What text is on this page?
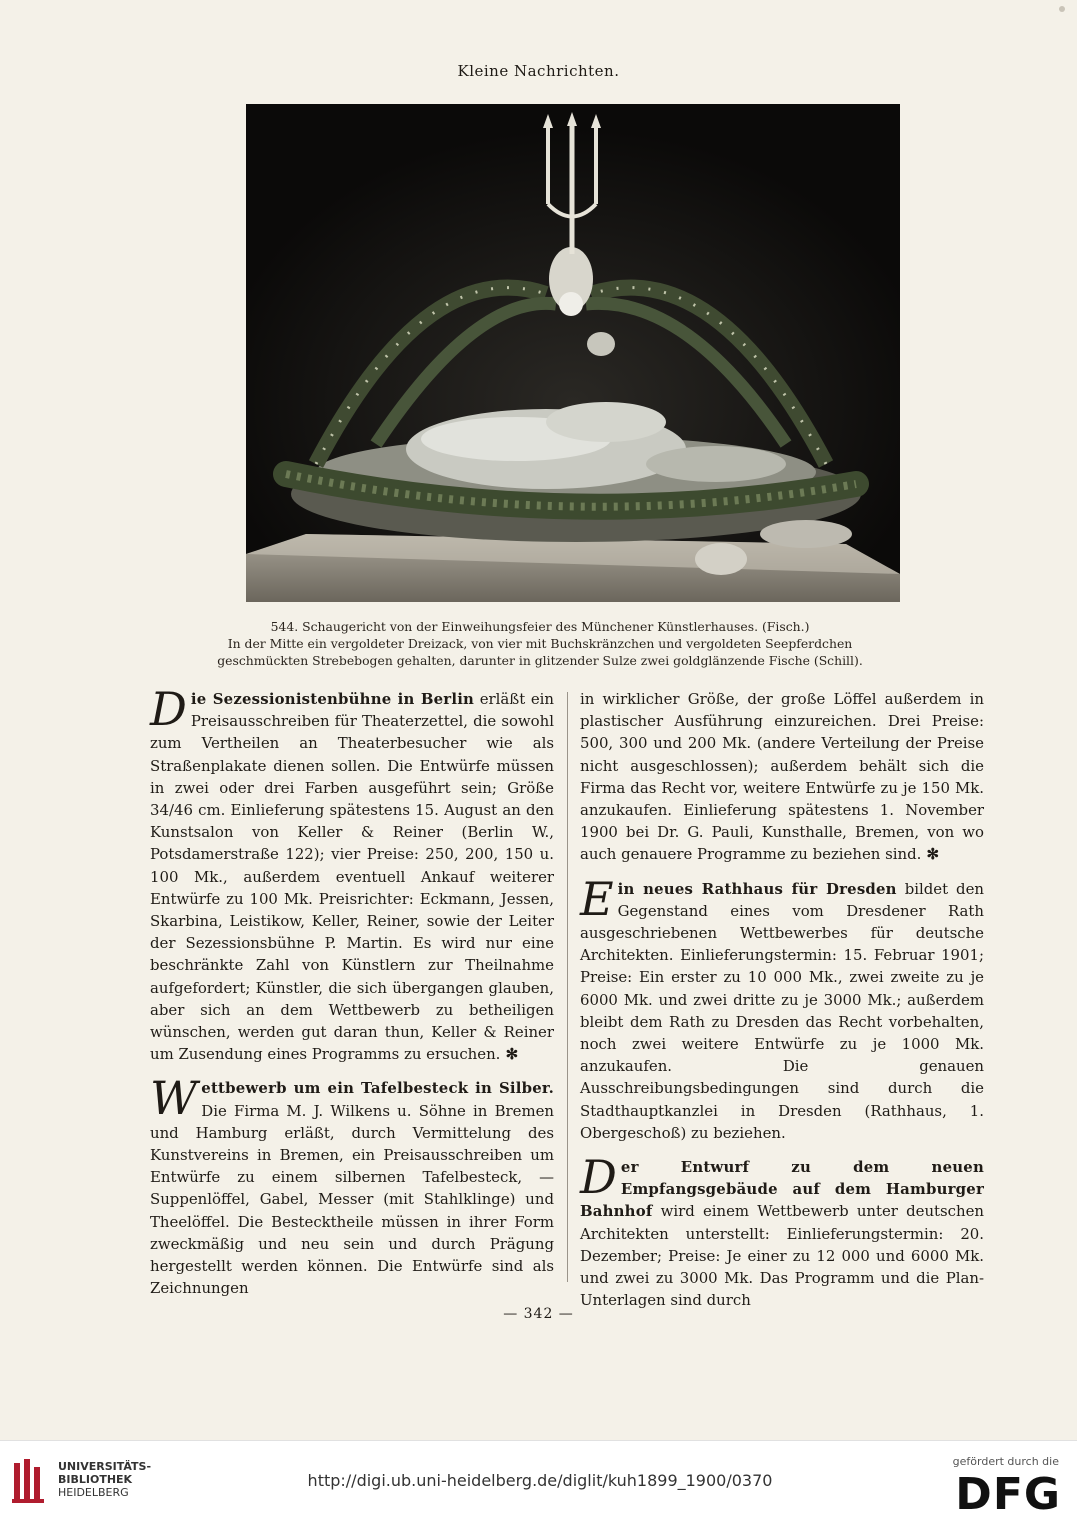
Kleine Nachrichten.
544. Schaugericht von der Einweihungsfeier des Münchener Künstlerhauses. (Fisch.)
In der Mitte ein vergoldeter Dreizack, von vier mit Buchskränzchen und vergoldeten Seepferdchen
geschmückten Strebebogen gehalten, darunter in glitzender Sulze zwei goldglänzende Fische (Schill).

Die Sezessionistenbühne in Berlin erläßt ein Preisausschreiben für Theaterzettel, die sowohl zum Vertheilen an Theaterbesucher wie als Straßenplakate dienen sollen. Die Entwürfe müssen in zwei oder drei Farben ausgeführt sein; Größe 34/46 cm. Einlieferung spätestens 15. August an den Kunstsalon von Keller & Reiner (Berlin W., Potsdamerstraße 122); vier Preise: 250, 200, 150 u. 100 Mk., außerdem eventuell Ankauf weiterer Entwürfe zu 100 Mk. Preisrichter: Eckmann, Jessen, Skarbina, Leistikow, Keller, Reiner, sowie der Leiter der Sezessionsbühne P. Martin. Es wird nur eine beschränkte Zahl von Künstlern zur Theilnahme aufgefordert; Künstler, die sich übergangen glauben, aber sich an dem Wettbewerb zu betheiligen wünschen, werden gut daran thun, Keller & Reiner um Zusendung eines Programms zu ersuchen. ✻

Wettbewerb um ein Tafelbesteck in Silber. Die Firma M. J. Wilkens u. Söhne in Bremen und Hamburg erläßt, durch Vermittelung des Kunstvereins in Bremen, ein Preisausschreiben um Entwürfe zu einem silbernen Tafelbesteck, — Suppenlöffel, Gabel, Messer (mit Stahlklinge) und Theelöffel. Die Bestecktheile müssen in ihrer Form zweckmäßig und neu sein und durch Prägung hergestellt werden können. Die Entwürfe sind als Zeichnungen

in wirklicher Größe, der große Löffel außerdem in plastischer Ausführung einzureichen. Drei Preise: 500, 300 und 200 Mk. (andere Verteilung der Preise nicht ausgeschlossen); außerdem behält sich die Firma das Recht vor, weitere Entwürfe zu je 150 Mk. anzukaufen. Einlieferung spätestens 1. November 1900 bei Dr. G. Pauli, Kunsthalle, Bremen, von wo auch genauere Programme zu beziehen sind. ✻

Ein neues Rathhaus für Dresden bildet den Gegenstand eines vom Dresdener Rath ausgeschriebenen Wettbewerbes für deutsche Architekten. Einlieferungstermin: 15. Februar 1901; Preise: Ein erster zu 10 000 Mk., zwei zweite zu je 6000 Mk. und zwei dritte zu je 3000 Mk.; außerdem bleibt dem Rath zu Dresden das Recht vorbehalten, noch zwei weitere Entwürfe zu je 1000 Mk. anzukaufen. Die genauen Ausschreibungsbedingungen sind durch die Stadthauptkanzlei in Dresden (Rathhaus, 1. Obergeschoß) zu beziehen.

Der Entwurf zu dem neuen Empfangsgebäude auf dem Hamburger Bahnhof wird einem Wettbewerb unter deutschen Architekten unterstellt: Einlieferungstermin: 20. Dezember; Preise: Je einer zu 12 000 und 6000 Mk. und zwei zu 3000 Mk. Das Programm und die Plan-Unterlagen sind durch

— 342 —
UNIVERSITÄTS-
BIBLIOTHEK
HEIDELBERG
http://digi.ub.uni-heidelberg.de/diglit/kuh1899_1900/0370
gefördert durch die
DFG
